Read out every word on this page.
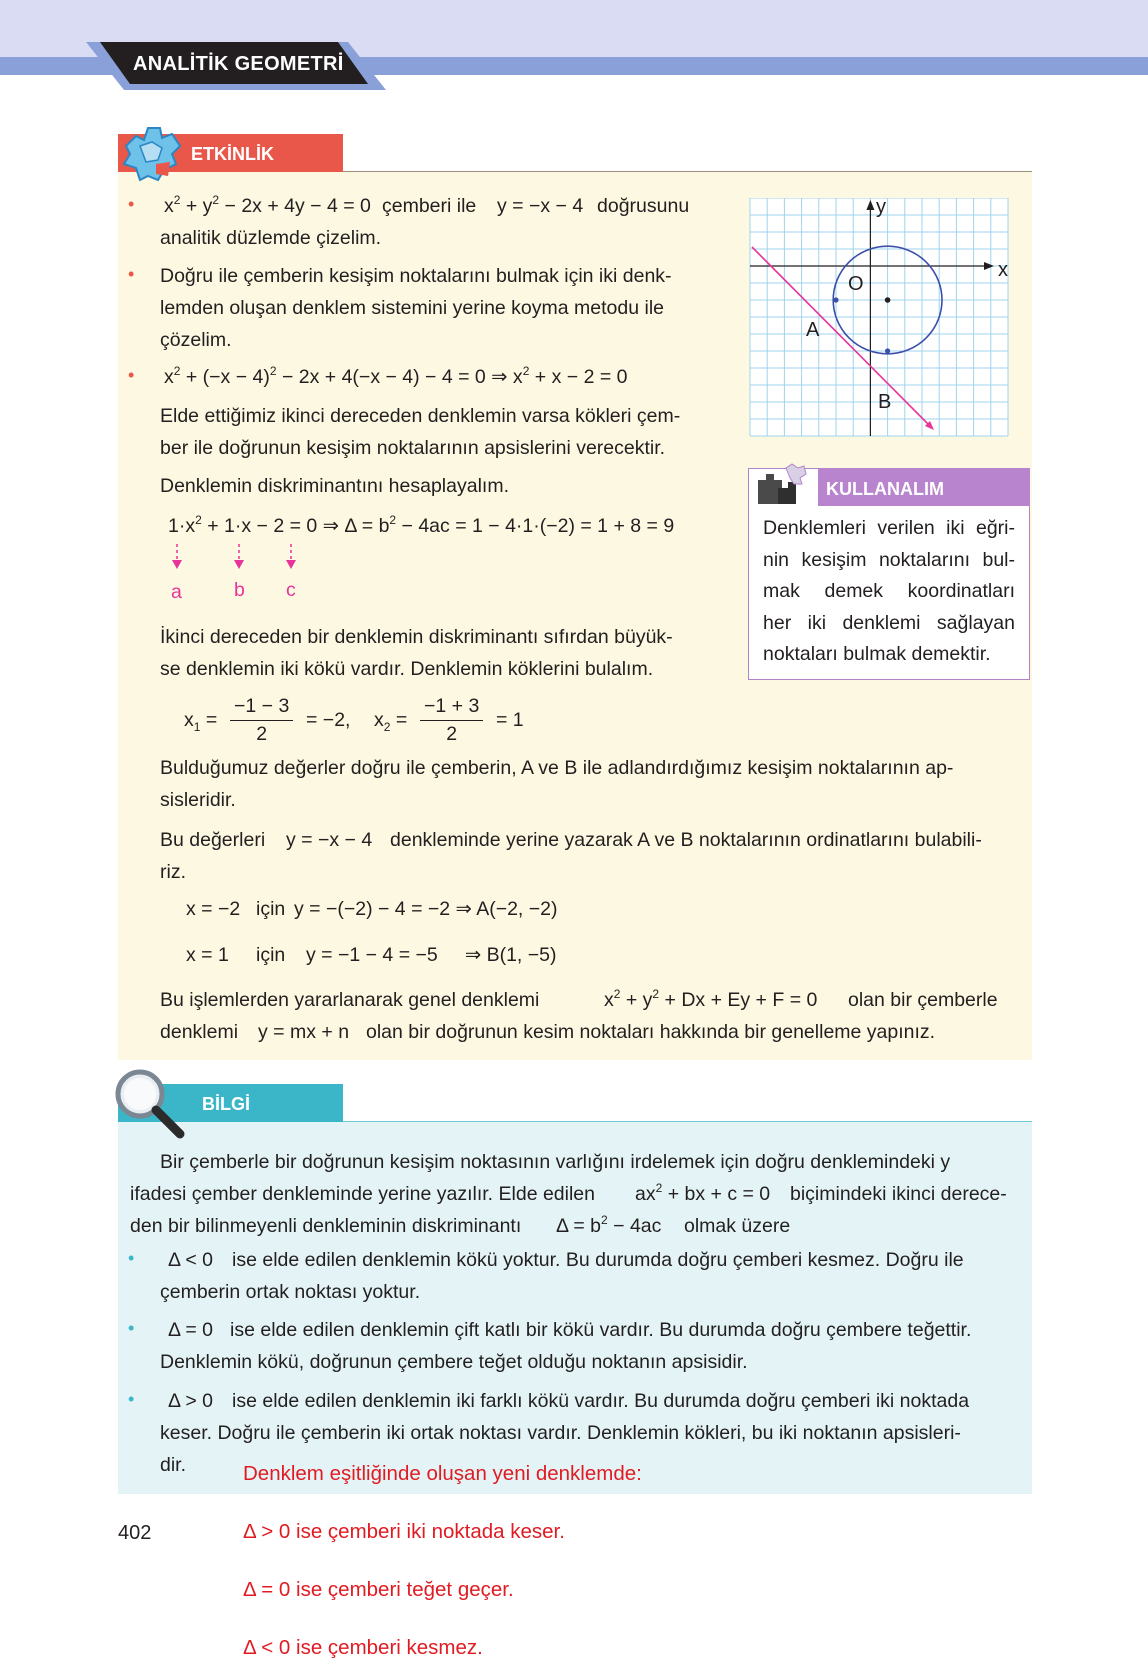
ANALİTİK GEOMETRİ
ETKİNLİK
• $x^2 + y^2 - 2x + 4y - 4 = 0$ çemberi ile y = −x − 4 doğrusunu
analitik düzlemde çizelim.
• Doğru ile çemberin kesişim noktalarını bulmak için iki denk-
lemden oluşan denklem sistemini yerine koyma metodu ile
çözelim.
• $x^2 + (-x - 4)^2 - 2x + 4(-x - 4) - 4 = 0$ ⇒ $x^2 + x - 2 = 0$
Elde ettiğimiz ikinci dereceden denklemin varsa kökleri çem-
ber ile doğrunun kesişim noktalarının apsislerini verecektir.
Denklemin diskriminantını hesaplayalım.
$1\cdot x^2 + 1\cdot x - 2 = 0$ ⇒ $\Delta = b^2 - 4ac = 1 - 4\cdot 1\cdot(-2) = 1 + 8 = 9$
a	b c
İkinci dereceden bir denklemin diskriminantı sıfırdan büyük-
se denklemin iki kökü vardır. Denklemin köklerini bulalım.
$x_1 = \frac{-1 - 3}{2} = -2$, $x_2 = \frac{-1 + 3}{2} = 1$
Bulduğumuz değerler doğru ile çemberin, A ve B ile adlandırdığımız kesişim noktalarının ap-
sisleridir.
Bu değerleri y = −x − 4 denkleminde yerine yazarak A ve B noktalarının ordinatlarını bulabili-
riz.
x = −2 için y = −(−2) − 4 = −2 ⇒ A(−2, −2)
x = 1 için y = −1 − 4 = −5     ⇒ B(1, −5)
Bu işlemlerden yararlanarak genel denklemi	$x^2 + y^2 + Dx + Ey + F = 0$ olan bir çemberle
denklemi y = mx + n olan bir doğrunun kesim noktaları hakkında bir genelleme yapınız.
y
x
O
A
B
KULLANALIM
Denklemleri verilen iki eğri-
nin kesişim noktalarını bul-
mak demek koordinatları
her iki denklemi sağlayan
noktaları bulmak demektir.
BİLGİ
Bir çemberle bir doğrunun kesişim noktasının varlığını irdelemek için doğru denklemindeki y
ifadesi çember denkleminde yerine yazılır. Elde edilen $ax^2$ + bx + c = 0 biçimindeki ikinci derece-
den bir bilinmeyenli denkleminin diskriminantı $\Delta = b^2 - 4ac$ olmak üzere
• Δ < 0 ise elde edilen denklemin kökü yoktur. Bu durumda doğru çemberi kesmez. Doğru ile
çemberin ortak noktası yoktur.
• Δ = 0 ise elde edilen denklemin çift katlı bir kökü vardır. Bu durumda doğru çembere teğettir.
Denklemin kökü, doğrunun çembere teğet olduğu noktanın apsisidir.
• Δ > 0 ise elde edilen denklemin iki farklı kökü vardır. Bu durumda doğru çemberi iki noktada
keser. Doğru ile çemberin iki ortak noktası vardır. Denklemin kökleri, bu iki noktanın apsisleri-
dir.	Denklem eşitliğinde oluşan yeni denklemde:
Δ > 0 ise çemberi iki noktada keser.
Δ = 0 ise çemberi teğet geçer.
Δ < 0 ise çemberi kesmez.
402
